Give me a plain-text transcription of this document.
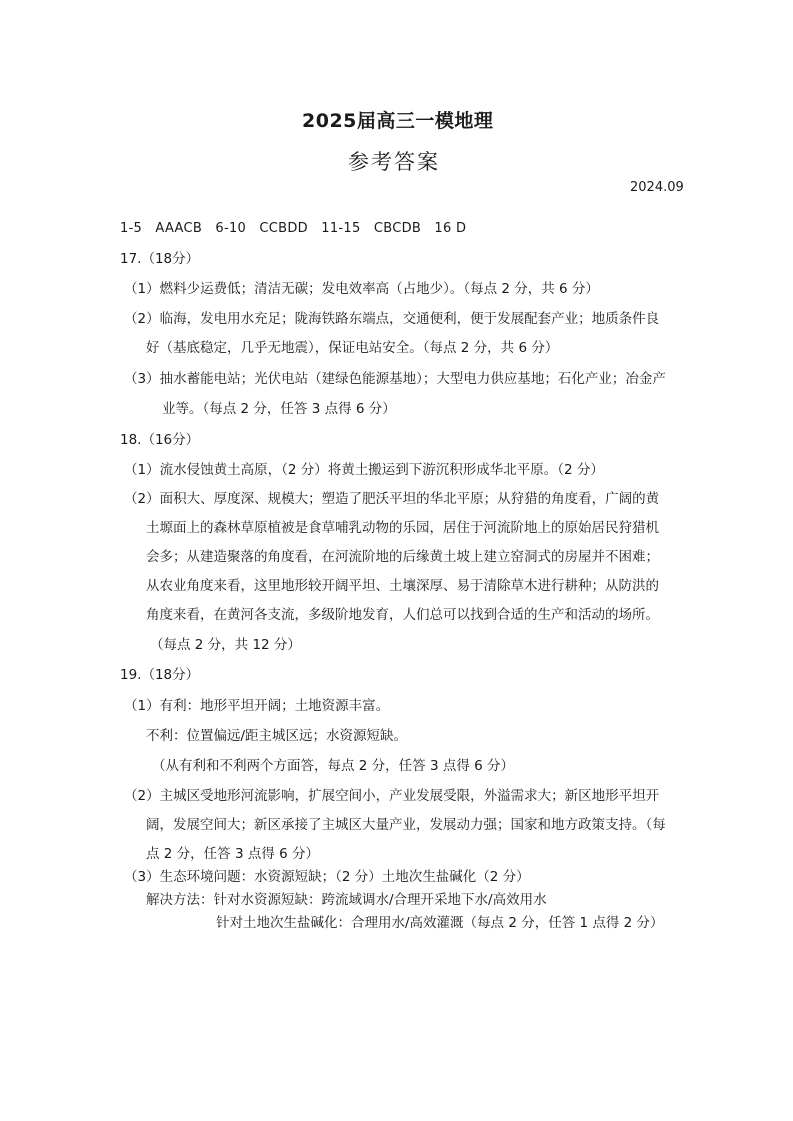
2025届高三一模地理
参考答案
2024.09
1-5   AAACB   6-10   CCBDD   11-15   CBCDB   16 D
17.（18分）
（1）燃料少运费低；清洁无碳；发电效率高（占地少）。（每点 2 分，共 6 分）
（2）临海，发电用水充足；陇海铁路东端点，交通便利，便于发展配套产业；地质条件良
好（基底稳定，几乎无地震），保证电站安全。（每点 2 分，共 6 分）
（3）抽水蓄能电站；光伏电站（建绿色能源基地）；大型电力供应基地；石化产业；冶金产
业等。（每点 2 分，任答 3 点得 6 分）
18.（16分）
（1）流水侵蚀黄土高原，（2 分）将黄土搬运到下游沉积形成华北平原。（2 分）
（2）面积大、厚度深、规模大；塑造了肥沃平坦的华北平原；从狩猎的角度看，广阔的黄
土塬面上的森林草原植被是食草哺乳动物的乐园，居住于河流阶地上的原始居民狩猎机
会多；从建造聚落的角度看，在河流阶地的后缘黄土坡上建立窑洞式的房屋并不困难；
从农业角度来看，这里地形较开阔平坦、土壤深厚、易于清除草木进行耕种；从防洪的
角度来看，在黄河各支流，多级阶地发育，人们总可以找到合适的生产和活动的场所。
（每点 2 分，共 12 分）
19.（18分）
（1）有利：地形平坦开阔；土地资源丰富。
不利：位置偏远/距主城区远；水资源短缺。
（从有利和不利两个方面答，每点 2 分，任答 3 点得 6 分）
（2）主城区受地形河流影响，扩展空间小，产业发展受限，外溢需求大；新区地形平坦开
阔，发展空间大；新区承接了主城区大量产业，发展动力强；国家和地方政策支持。（每
点 2 分，任答 3 点得 6 分）
（3）生态环境问题：水资源短缺；（2 分）土地次生盐碱化（2 分）
解决方法：针对水资源短缺：跨流域调水/合理开采地下水/高效用水
针对土地次生盐碱化：合理用水/高效灌溉（每点 2 分，任答 1 点得 2 分）
